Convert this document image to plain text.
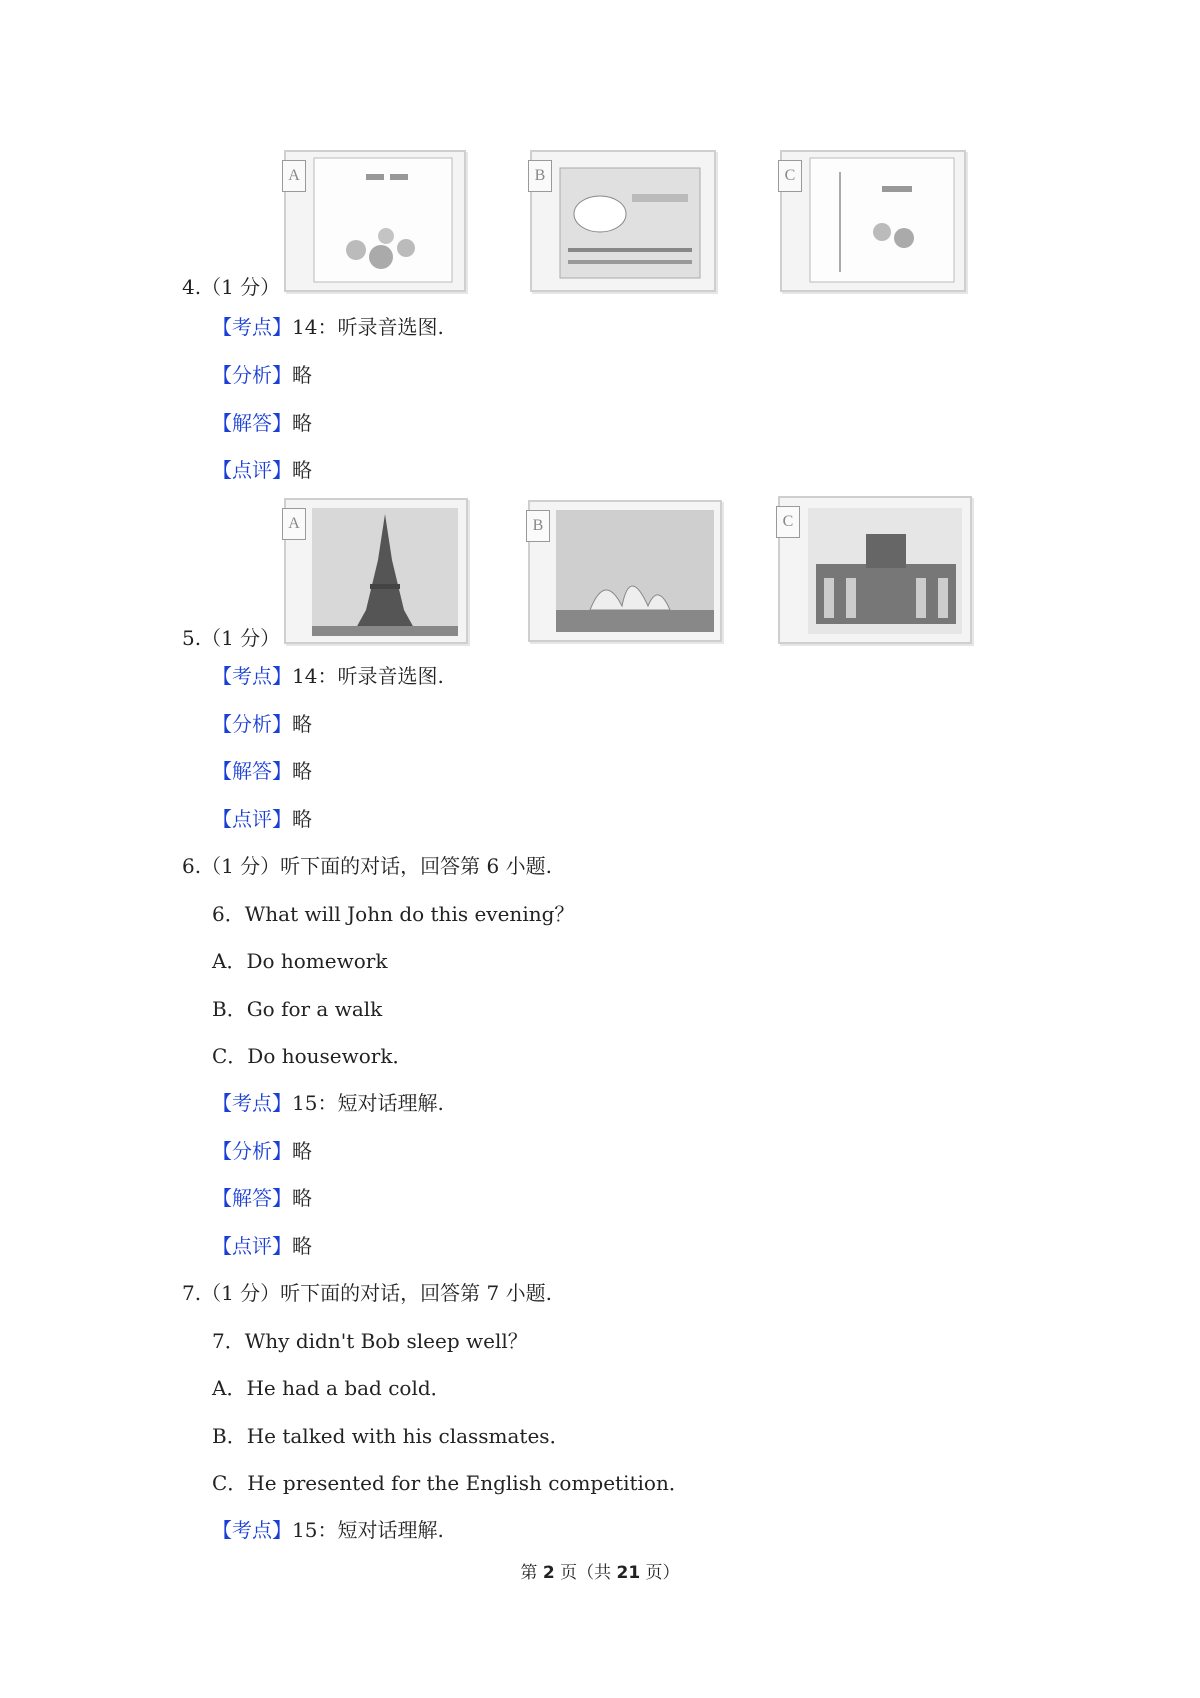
A	B	C
4.（1 分）
【考点】14：听录音选图.
【分析】略
【解答】略
【点评】略
A	B	C
5.（1 分）
【考点】14：听录音选图.
【分析】略
【解答】略
【点评】略
6.（1 分）听下面的对话，回答第 6 小题.
6．What will John do this evening？
A．Do homework
B．Go for a walk
C．Do housework．
【考点】15：短对话理解.
【分析】略
【解答】略
【点评】略
7.（1 分）听下面的对话，回答第 7 小题.
7．Why didn't Bob sleep well？
A．He had a bad cold．
B．He talked with his classmates．
C．He presented for the English competition．
【考点】15：短对话理解.
第 2 页（共 21 页）
